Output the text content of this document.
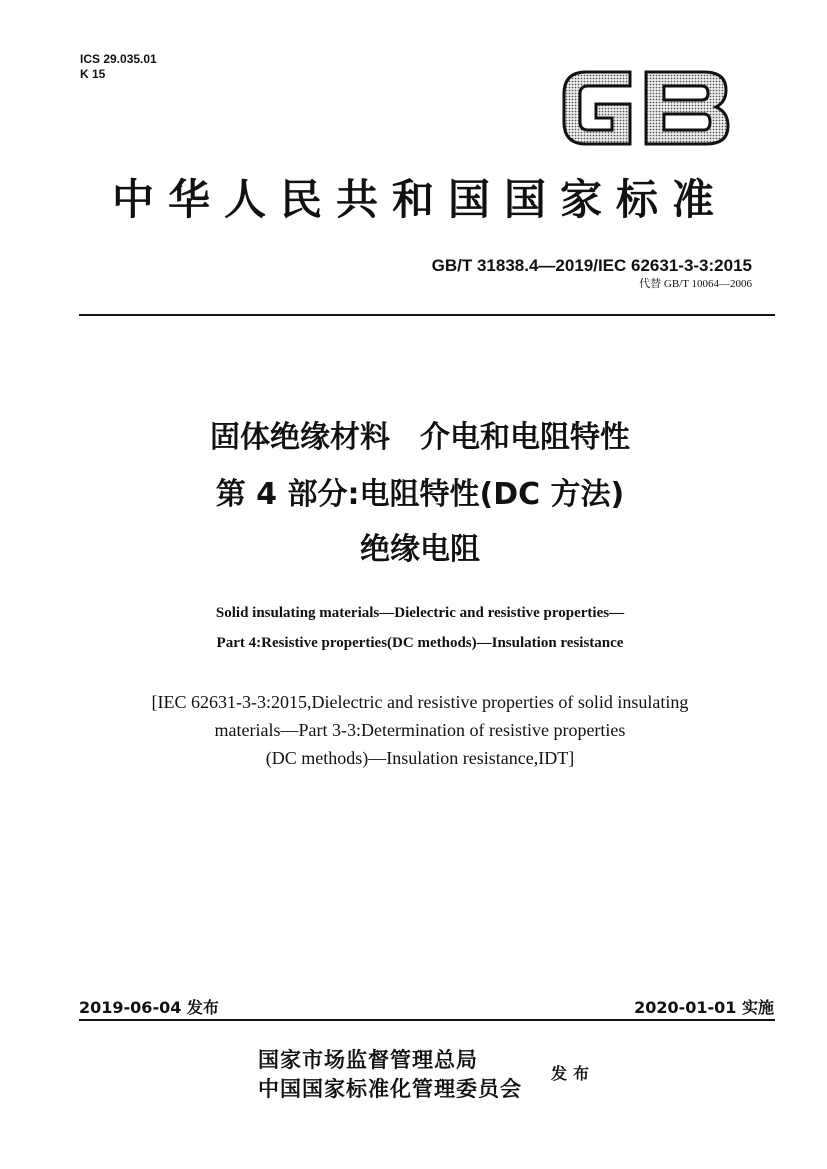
ICS 29.035.01
K 15
中华人民共和国国家标准
GB/T 31838.4—2019/IEC 62631-3-3:2015
代替 GB/T 10064—2006
固体绝缘材料　介电和电阻特性
第 4 部分:电阻特性(DC 方法)
绝缘电阻
Solid insulating materials—Dielectric and resistive properties—
Part 4:Resistive properties(DC methods)—Insulation resistance
[IEC 62631-3-3:2015,Dielectric and resistive properties of solid insulating
materials—Part 3-3:Determination of resistive properties
(DC methods)—Insulation resistance,IDT]
2019-06-04 发布	2020-01-01 实施
国家市场监督管理总局
中国国家标准化管理委员会
发布
